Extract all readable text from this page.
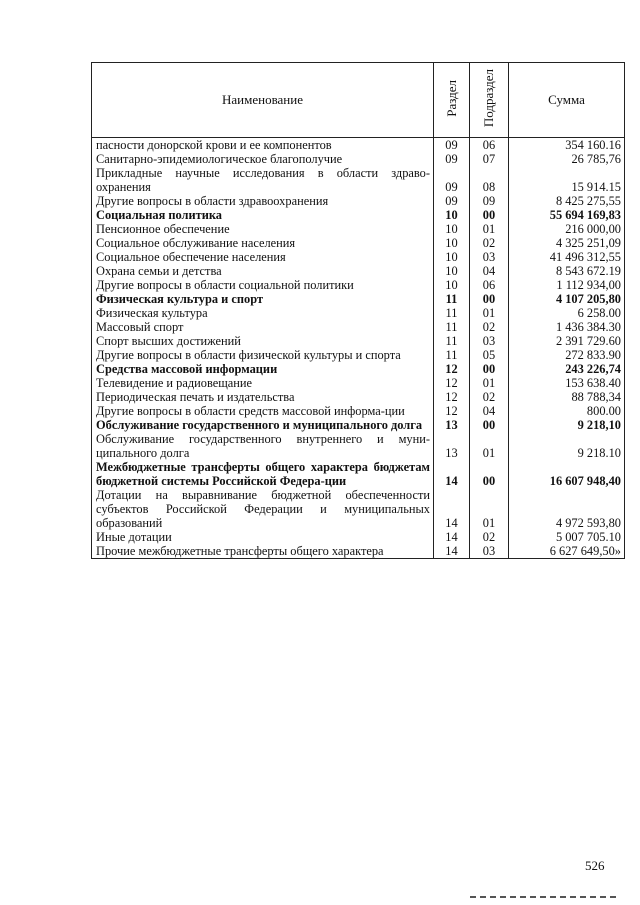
Наименование	Раздел	Подраздел	Сумма
пасности донорской крови и ее компонентов	09	06	354 160.16
Санитарно-эпидемиологическое благополучие	09	07	26 785,76
Прикладные научные исследования в области здраво-охранения	09	08	15 914.15
Другие вопросы в области здравоохранения	09	09	8 425 275,55
Социальная политика	10	00	55 694 169,83
Пенсионное обеспечение	10	01	216 000,00
Социальное обслуживание населения	10	02	4 325 251,09
Социальное обеспечение населения	10	03	41 496 312,55
Охрана семьи и детства	10	04	8 543 672.19
Другие вопросы в области социальной политики	10	06	1 112 934,00
Физическая культура и спорт	11	00	4 107 205,80
Физическая культура	11	01	6 258.00
Массовый спорт	11	02	1 436 384.30
Спорт высших достижений	11	03	2 391 729.60
Другие вопросы в области физической культуры и спорта	11	05	272 833.90
Средства массовой информации	12	00	243 226,74
Телевидение и радиовещание	12	01	153 638.40
Периодическая печать и издательства	12	02	88 788,34
Другие вопросы в области средств массовой информа-ции	12	04	800.00
Обслуживание государственного и муниципального долга	13	00	9 218,10
Обслуживание государственного внутреннего и муни-ципального долга	13	01	9 218.10
Межбюджетные трансферты общего характера бюджетам бюджетной системы Российской Федера-ции	14	00	16 607 948,40
Дотации на выравнивание бюджетной обеспеченности субъектов Российской Федерации и муниципальных образований	14	01	4 972 593,80
Иные дотации	14	02	5 007 705.10
Прочие межбюджетные трансферты общего характера	14	03	6 627 649,50»
526
